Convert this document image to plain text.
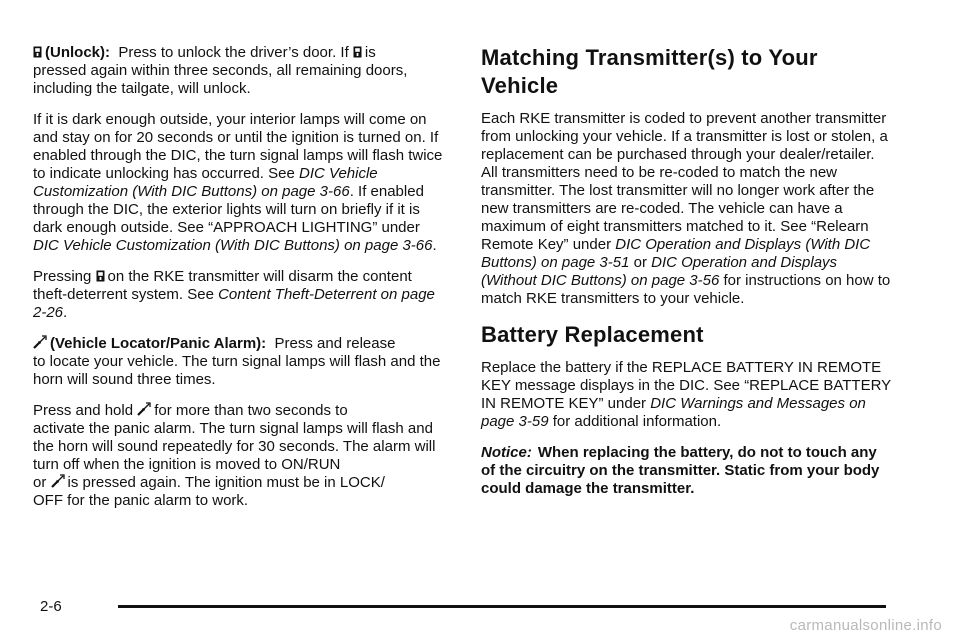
(Unlock): Press to unlock the driver’s door. If is

pressed again within three seconds, all remaining doors, including the tailgate, will unlock.

If it is dark enough outside, your interior lamps will come on and stay on for 20 seconds or until the ignition is turned on. If enabled through the DIC, the turn signal lamps will flash twice to indicate unlocking has occurred. See DIC Vehicle Customization (With DIC Buttons) on page 3-66. If enabled through the DIC, the exterior lights will turn on briefly if it is dark enough outside. See “APPROACH LIGHTING” under DIC Vehicle Customization (With DIC Buttons) on page 3-66.

Pressing on the RKE transmitter will disarm the content

theft-deterrent system. See Content Theft-Deterrent on page 2-26.

(Vehicle Locator/Panic Alarm): Press and release

to locate your vehicle. The turn signal lamps will flash and the horn will sound three times.

Press and hold for more than two seconds to

activate the panic alarm. The turn signal lamps will flash and the horn will sound repeatedly for 30 seconds. The alarm will turn off when the ignition is moved to ON/RUN

or is pressed again. The ignition must be in LOCK/

OFF for the panic alarm to work.

Matching Transmitter(s) to Your Vehicle

Each RKE transmitter is coded to prevent another transmitter from unlocking your vehicle. If a transmitter is lost or stolen, a replacement can be purchased through your dealer/retailer. All transmitters need to be re-coded to match the new transmitter. The lost transmitter will no longer work after the new transmitters are re-coded. The vehicle can have a maximum of eight transmitters matched to it. See “Relearn Remote Key” under DIC Operation and Displays (With DIC Buttons) on page 3-51 or DIC Operation and Displays (Without DIC Buttons) on page 3-56 for instructions on how to match RKE transmitters to your vehicle.

Battery Replacement

Replace the battery if the REPLACE BATTERY IN REMOTE KEY message displays in the DIC. See “REPLACE BATTERY IN REMOTE KEY” under DIC Warnings and Messages on page 3-59 for additional information.

Notice: When replacing the battery, do not to touch any of the circuitry on the transmitter. Static from your body could damage the transmitter.

2-6
carmanualsonline.info
